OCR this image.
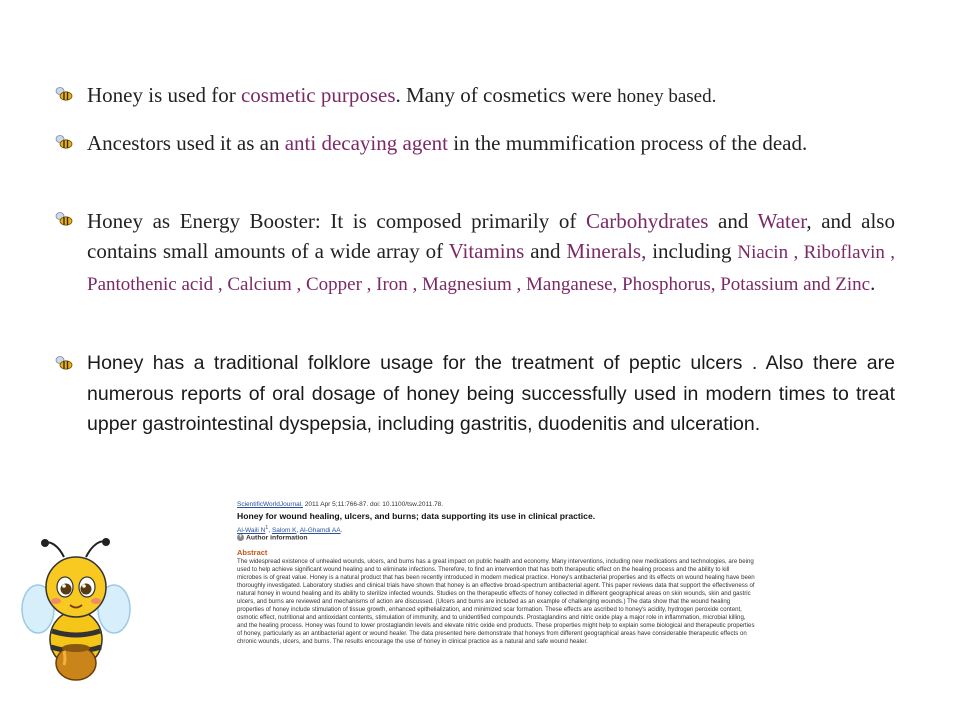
Honey is used for cosmetic purposes. Many of cosmetics were honey based.

Ancestors used it as an anti decaying agent in the mummification process of the dead.

Honey as Energy Booster: It is composed primarily of Carbohydrates and Water, and also contains small amounts of a wide array of Vitamins and Minerals, including Niacin , Riboflavin , Pantothenic acid , Calcium , Copper , Iron , Magnesium , Manganese, Phosphorus, Potassium and Zinc.

Honey has a traditional folklore usage for the treatment of peptic ulcers . Also there are numerous reports of oral dosage of honey being successfully used in modern times to treat upper gastrointestinal dyspepsia, including gastritis, duodenitis and ulceration.

ScientificWorldJournal. 2011 Apr 5;11:766-87. doi: 10.1100/tsw.2011.78.
Honey for wound healing, ulcers, and burns; data supporting its use in clinical practice.
Al-Waili $N^1$, Salom K, Al-Ghamdi AA.
+ Author information
Abstract

The widespread existence of unhealed wounds, ulcers, and burns has a great impact on public health and economy. Many interventions, including new medications and technologies, are being used to help achieve significant wound healing and to eliminate infections. Therefore, to find an intervention that has both therapeutic effect on the healing process and the ability to kill microbes is of great value. Honey is a natural product that has been recently introduced in modern medical practice. Honey's antibacterial properties and its effects on wound healing have been thoroughly investigated. Laboratory studies and clinical trials have shown that honey is an effective broad-spectrum antibacterial agent. This paper reviews data that support the effectiveness of natural honey in wound healing and its ability to sterilize infected wounds. Studies on the therapeutic effects of honey collected in different geographical areas on skin wounds, skin and gastric ulcers, and burns are reviewed and mechanisms of action are discussed. (Ulcers and burns are included as an example of challenging wounds.) The data show that the wound healing properties of honey include stimulation of tissue growth, enhanced epithelialization, and minimized scar formation. These effects are ascribed to honey's acidity, hydrogen peroxide content, osmotic effect, nutritional and antioxidant contents, stimulation of immunity, and to unidentified compounds. Prostaglandins and nitric oxide play a major role in inflammation, microbial killing, and the healing process. Honey was found to lower prostaglandin levels and elevate nitric oxide end products. These properties might help to explain some biological and therapeutic properties of honey, particularly as an antibacterial agent or wound healer. The data presented here demonstrate that honeys from different geographical areas have considerable therapeutic effects on chronic wounds, ulcers, and burns. The results encourage the use of honey in clinical practice as a natural and safe wound healer.
